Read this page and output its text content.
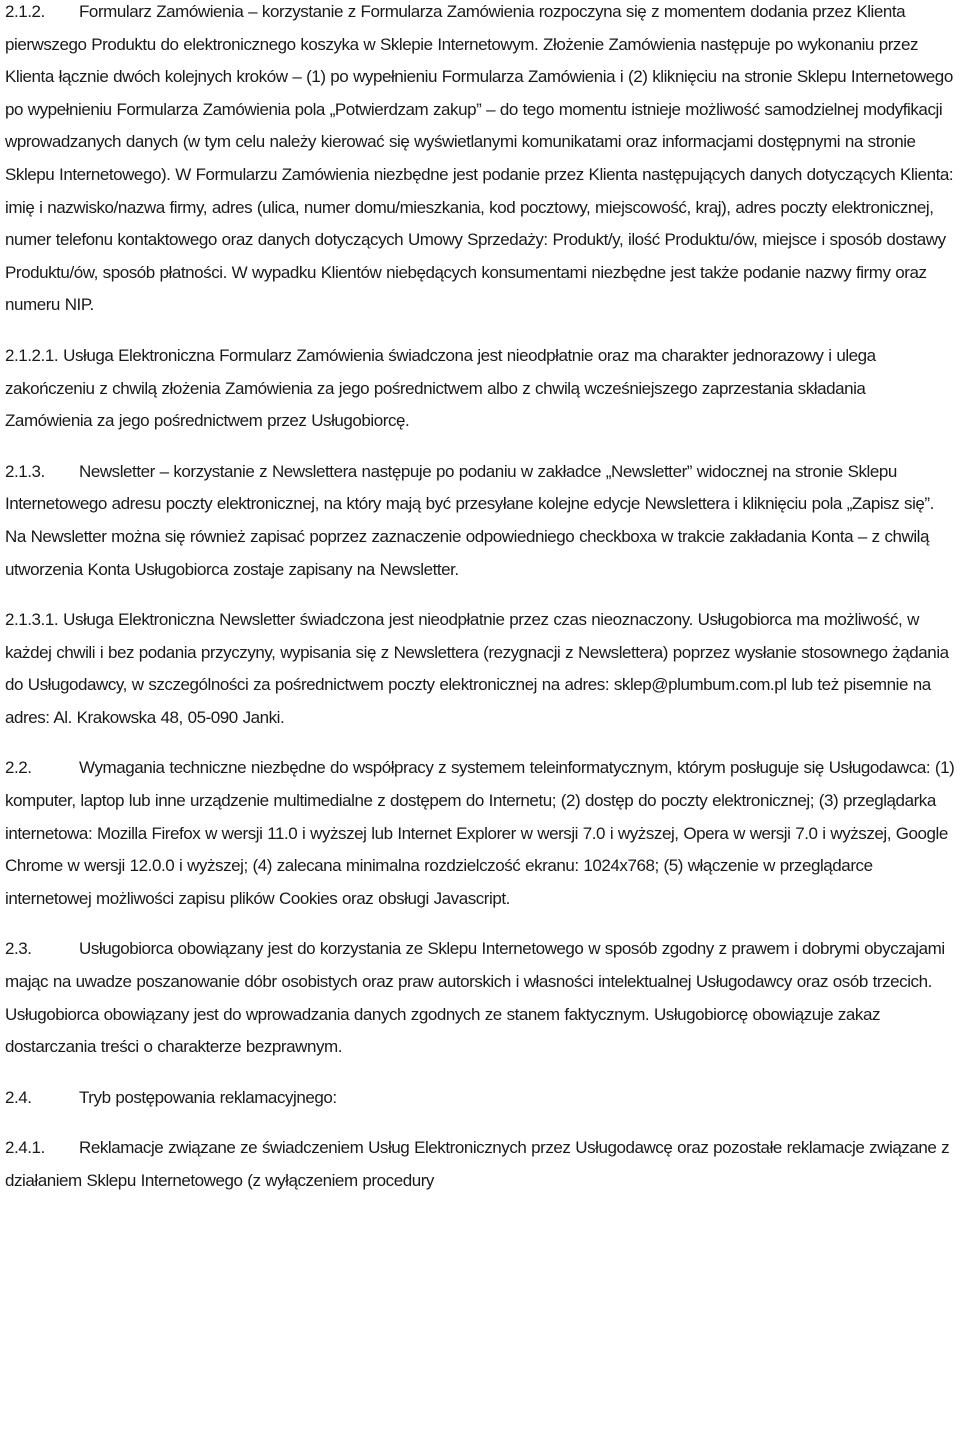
2.1.2. Formularz Zamówienia – korzystanie z Formularza Zamówienia rozpoczyna się z momentem dodania przez Klienta pierwszego Produktu do elektronicznego koszyka w Sklepie Internetowym. Złożenie Zamówienia następuje po wykonaniu przez Klienta łącznie dwóch kolejnych kroków – (1) po wypełnieniu Formularza Zamówienia i (2) kliknięciu na stronie Sklepu Internetowego po wypełnieniu Formularza Zamówienia pola „Potwierdzam zakup” – do tego momentu istnieje możliwość samodzielnej modyfikacji wprowadzanych danych (w tym celu należy kierować się wyświetlanymi komunikatami oraz informacjami dostępnymi na stronie Sklepu Internetowego). W Formularzu Zamówienia niezbędne jest podanie przez Klienta następujących danych dotyczących Klienta: imię i nazwisko/nazwa firmy, adres (ulica, numer domu/mieszkania, kod pocztowy, miejscowość, kraj), adres poczty elektronicznej, numer telefonu kontaktowego oraz danych dotyczących Umowy Sprzedaży: Produkt/y, ilość Produktu/ów, miejsce i sposób dostawy Produktu/ów, sposób płatności. W wypadku Klientów niebędących konsumentami niezbędne jest także podanie nazwy firmy oraz numeru NIP.

2.1.2.1. Usługa Elektroniczna Formularz Zamówienia świadczona jest nieodpłatnie oraz ma charakter jednorazowy i ulega zakończeniu z chwilą złożenia Zamówienia za jego pośrednictwem albo z chwilą wcześniejszego zaprzestania składania Zamówienia za jego pośrednictwem przez Usługobiorcę.

2.1.3. Newsletter – korzystanie z Newslettera następuje po podaniu w zakładce „Newsletter” widocznej na stronie Sklepu Internetowego adresu poczty elektronicznej, na który mają być przesyłane kolejne edycje Newslettera i kliknięciu pola „Zapisz się”. Na Newsletter można się również zapisać poprzez zaznaczenie odpowiedniego checkboxa w trakcie zakładania Konta – z chwilą utworzenia Konta Usługobiorca zostaje zapisany na Newsletter.

2.1.3.1. Usługa Elektroniczna Newsletter świadczona jest nieodpłatnie przez czas nieoznaczony. Usługobiorca ma możliwość, w każdej chwili i bez podania przyczyny, wypisania się z Newslettera (rezygnacji z Newslettera) poprzez wysłanie stosownego żądania do Usługodawcy, w szczególności za pośrednictwem poczty elektronicznej na adres: sklep@plumbum.com.pl lub też pisemnie na adres: Al. Krakowska 48, 05-090 Janki.

2.2.	Wymagania techniczne niezbędne do współpracy z systemem teleinformatycznym, którym posługuje się Usługodawca: (1) komputer, laptop lub inne urządzenie multimedialne z dostępem do Internetu; (2) dostęp do poczty elektronicznej; (3) przeglądarka internetowa: Mozilla Firefox w wersji 11.0 i wyższej lub Internet Explorer w wersji 7.0 i wyższej, Opera w wersji 7.0 i wyższej, Google Chrome w wersji 12.0.0 i wyższej; (4) zalecana minimalna rozdzielczość ekranu: 1024x768; (5) włączenie w przeglądarce internetowej możliwości zapisu plików Cookies oraz obsługi Javascript.

2.3.	Usługobiorca obowiązany jest do korzystania ze Sklepu Internetowego w sposób zgodny z prawem i dobrymi obyczajami mając na uwadze poszanowanie dóbr osobistych oraz praw autorskich i własności intelektualnej Usługodawcy oraz osób trzecich. Usługobiorca obowiązany jest do wprowadzania danych zgodnych ze stanem faktycznym. Usługobiorcę obowiązuje zakaz dostarczania treści o charakterze bezprawnym.

2.4.	Tryb postępowania reklamacyjnego:

2.4.1. Reklamacje związane ze świadczeniem Usług Elektronicznych przez Usługodawcę oraz pozostałe reklamacje związane z działaniem Sklepu Internetowego (z wyłączeniem procedury
